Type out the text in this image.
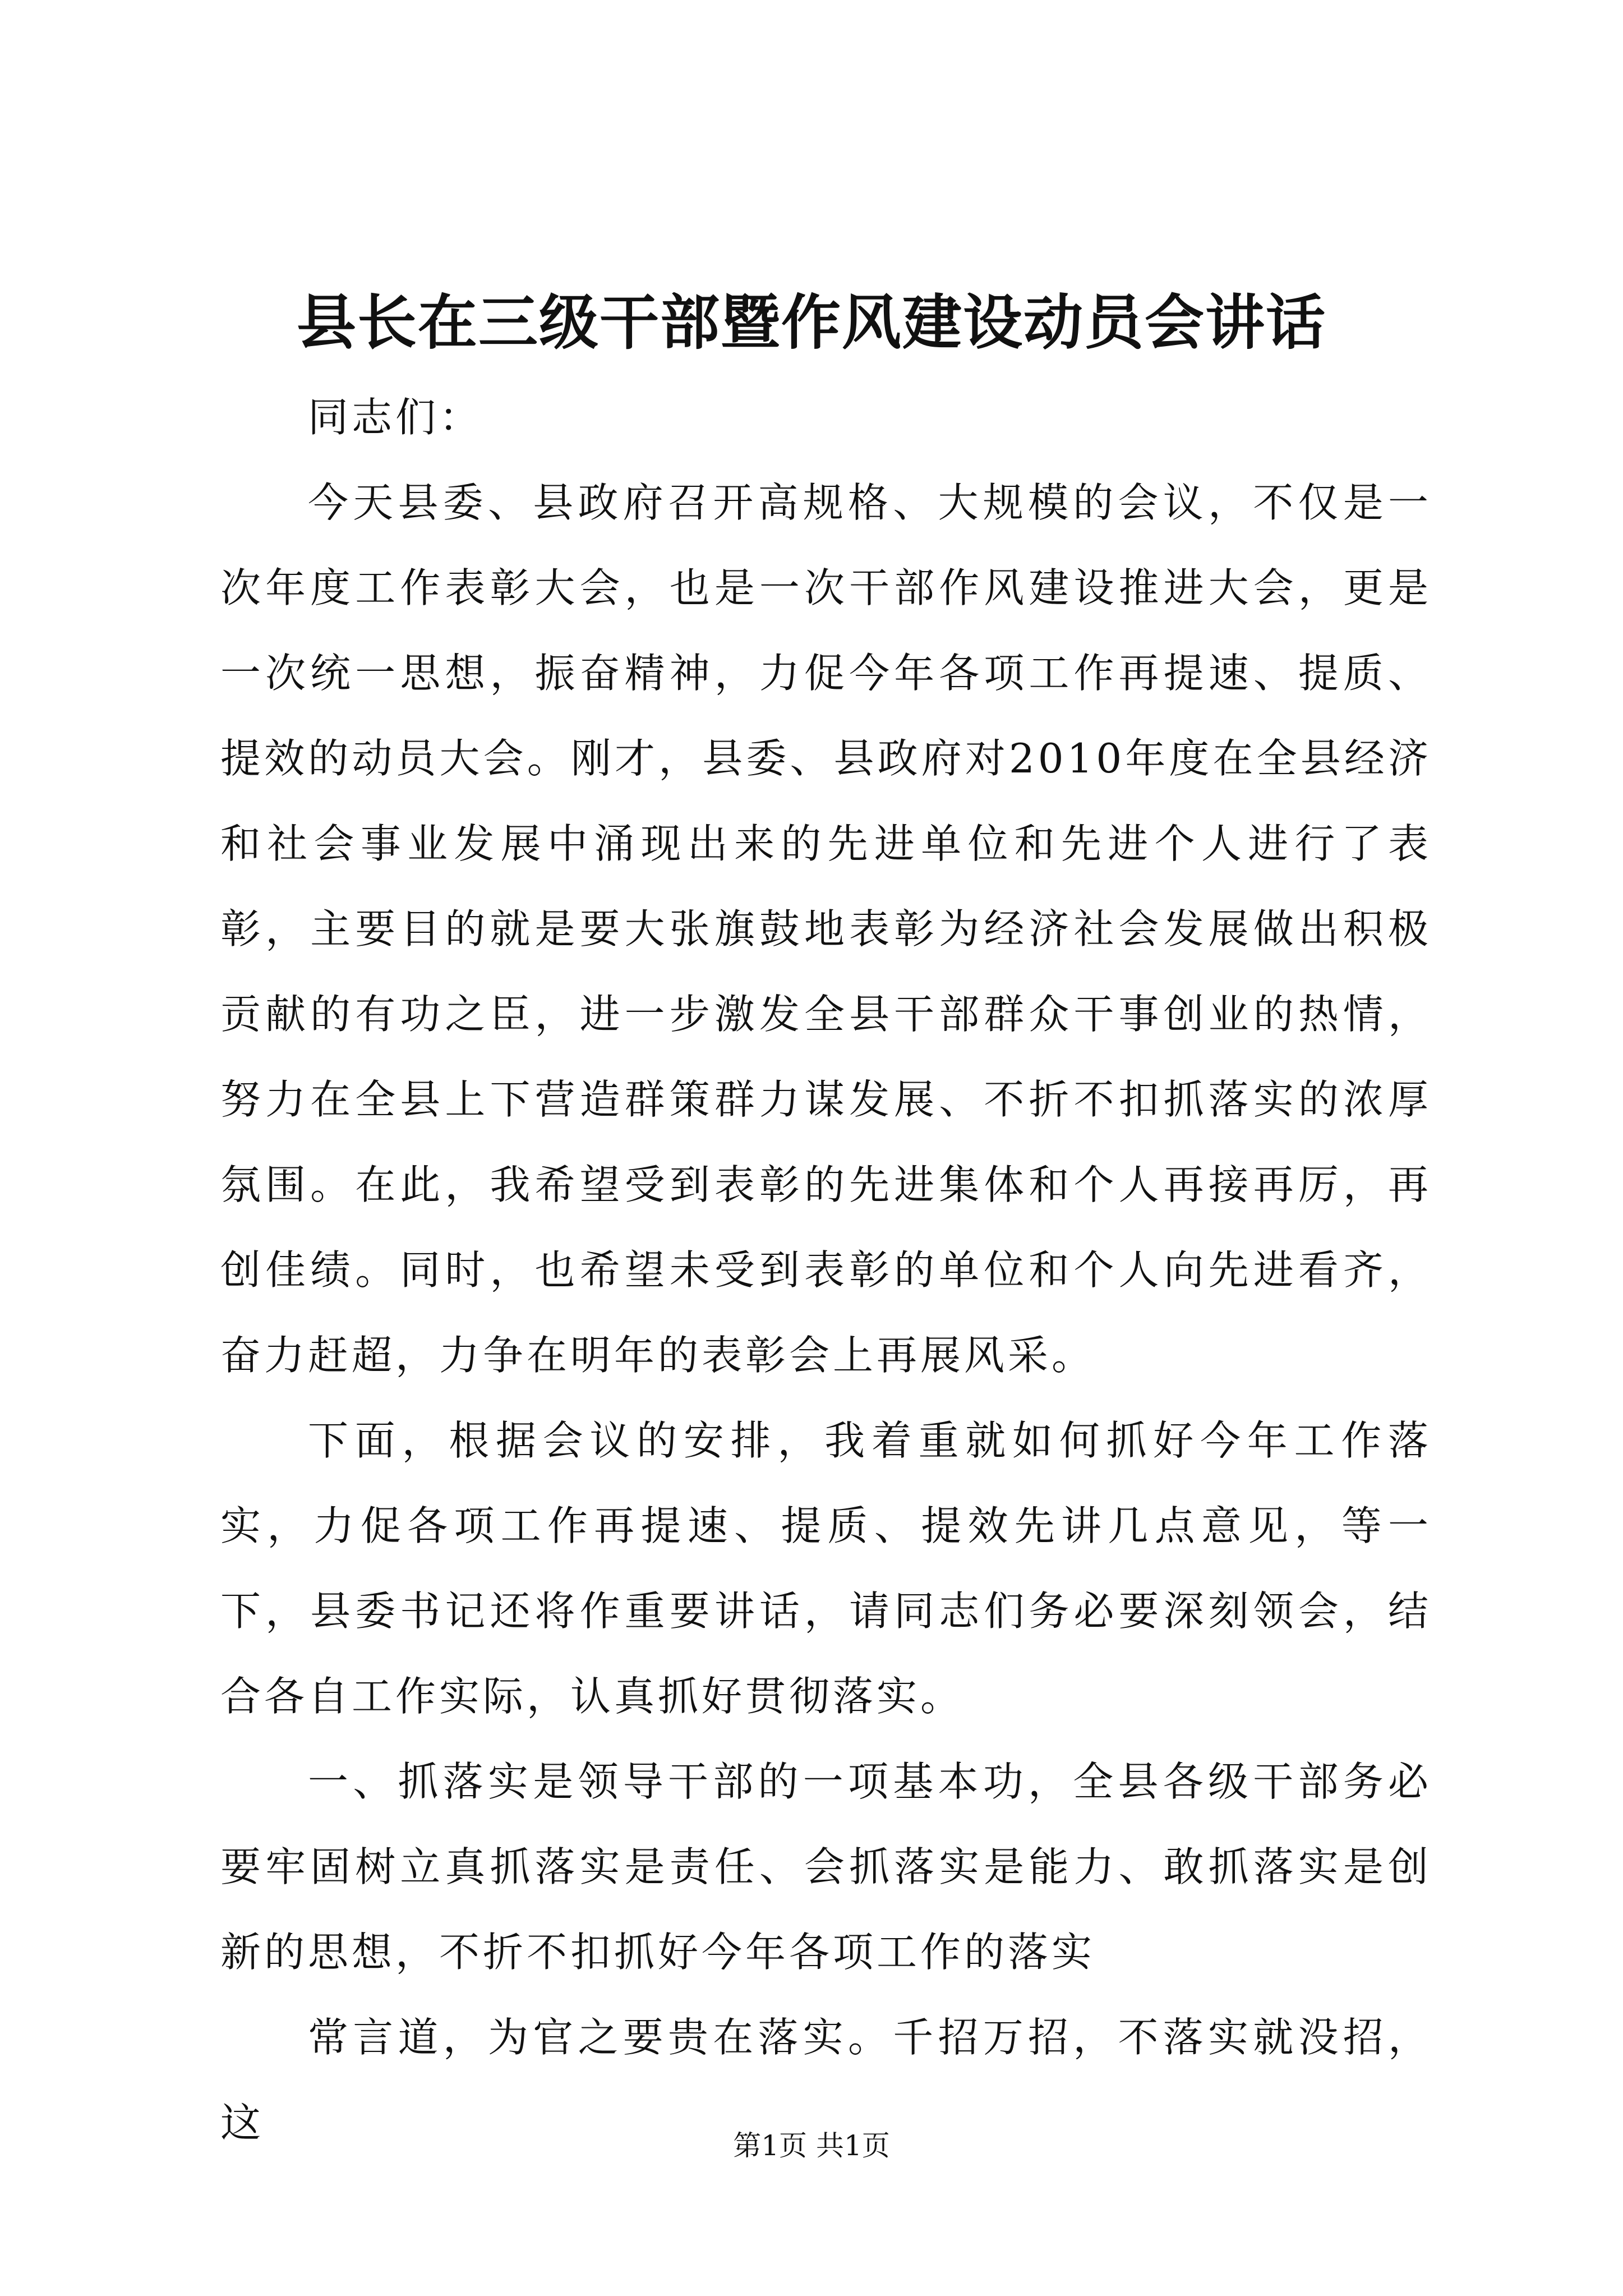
县长在三级干部暨作风建设动员会讲话

同志们：

今天县委、县政府召开高规格、大规模的会议，不仅是一次年度工作表彰大会，也是一次干部作风建设推进大会，更是一次统一思想，振奋精神，力促今年各项工作再提速、提质、提效的动员大会。刚才，县委、县政府对2010年度在全县经济和社会事业发展中涌现出来的先进单位和先进个人进行了表彰，主要目的就是要大张旗鼓地表彰为经济社会发展做出积极贡献的有功之臣，进一步激发全县干部群众干事创业的热情，努力在全县上下营造群策群力谋发展、不折不扣抓落实的浓厚氛围。在此，我希望受到表彰的先进集体和个人再接再厉，再创佳绩。同时，也希望未受到表彰的单位和个人向先进看齐，奋力赶超，力争在明年的表彰会上再展风采。

下面，根据会议的安排，我着重就如何抓好今年工作落实，力促各项工作再提速、提质、提效先讲几点意见，等一下，县委书记还将作重要讲话，请同志们务必要深刻领会，结合各自工作实际，认真抓好贯彻落实。

一、抓落实是领导干部的一项基本功，全县各级干部务必要牢固树立真抓落实是责任、会抓落实是能力、敢抓落实是创新的思想，不折不扣抓好今年各项工作的落实

常言道，为官之要贵在落实。千招万招，不落实就没招，这	第1页 共1页
